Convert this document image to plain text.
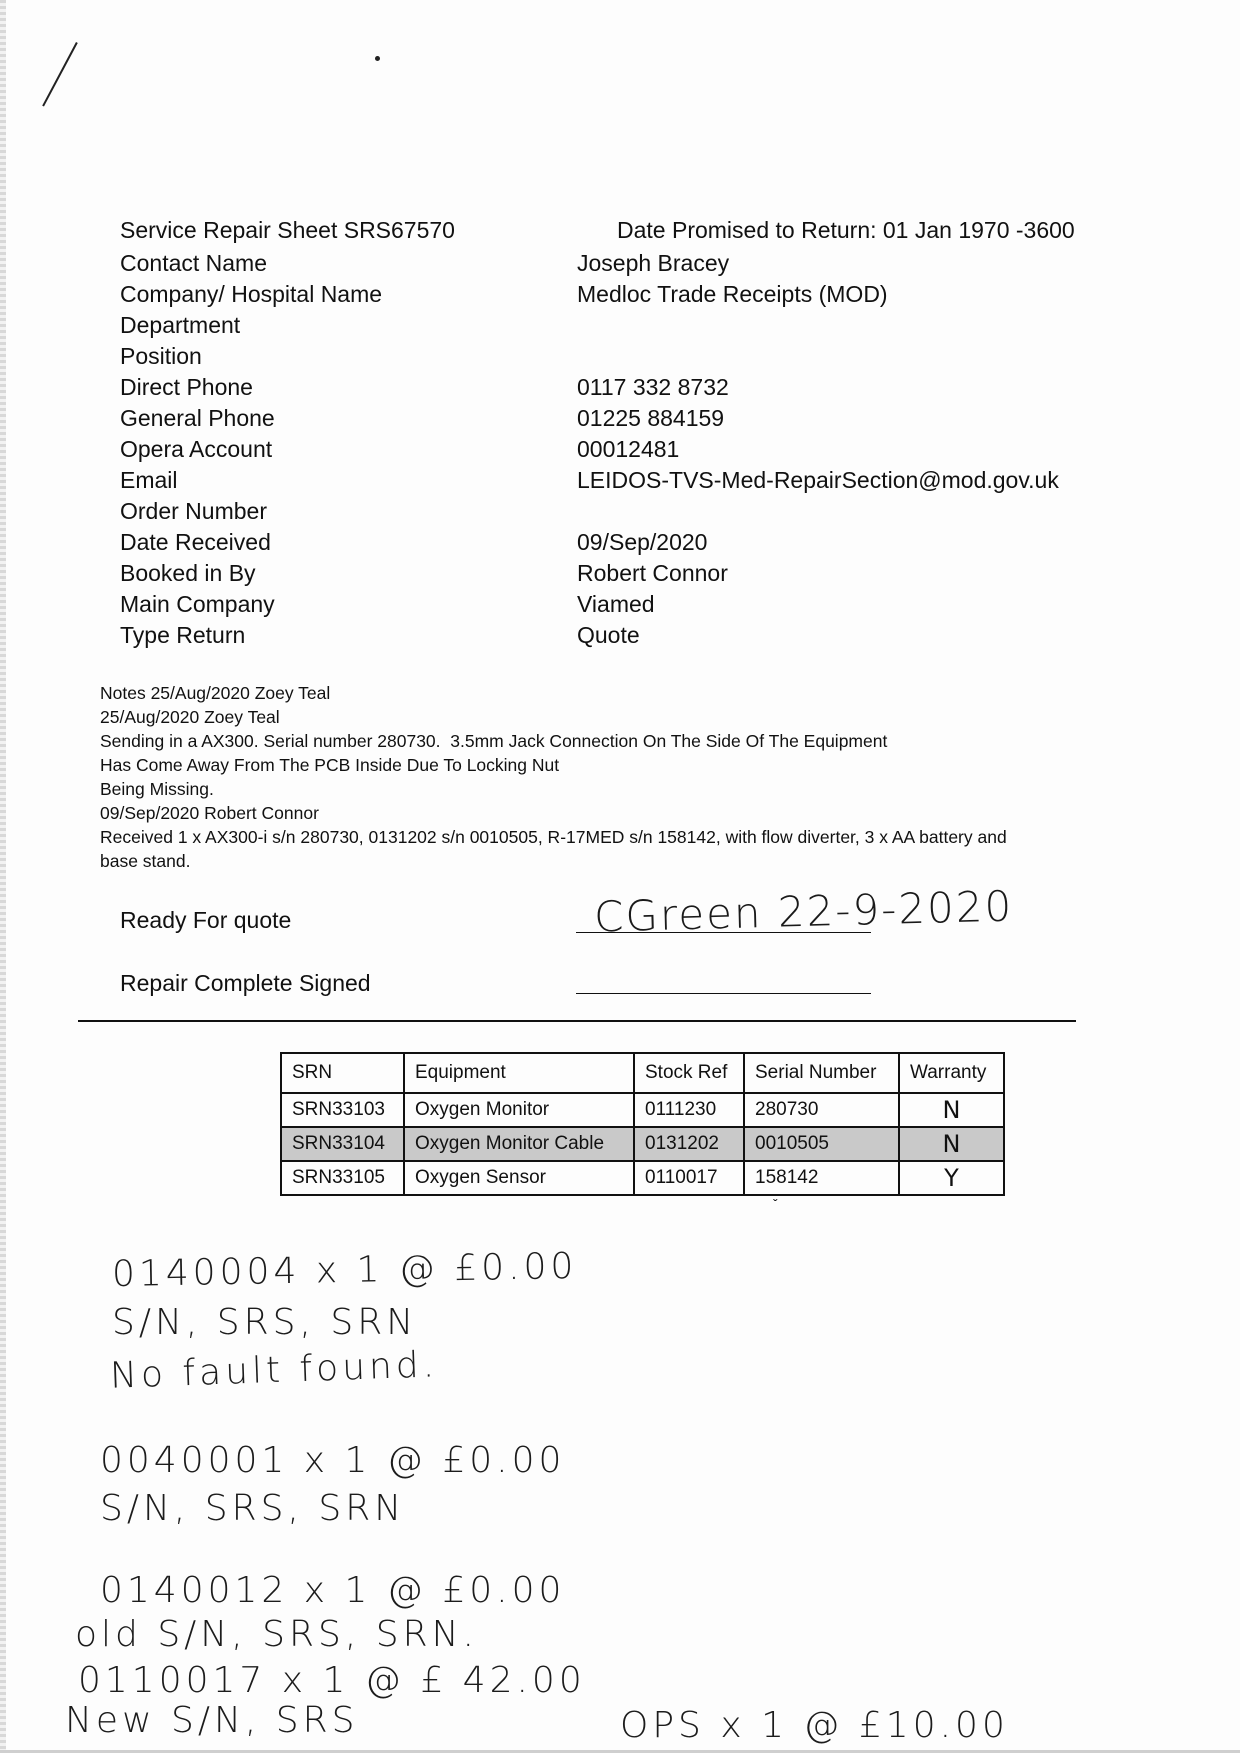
Service Repair Sheet SRS67570	Date Promised to Return: 01 Jan 1970 -3600
Contact Name	Joseph Bracey
Company/ Hospital Name	Medloc Trade Receipts (MOD)
Department
Position
Direct Phone	0117 332 8732
General Phone	01225 884159
Opera Account	00012481
Email	LEIDOS-TVS-Med-RepairSection@mod.gov.uk
Order Number
Date Received	09/Sep/2020
Booked in By	Robert Connor
Main Company	Viamed
Type Return	Quote
Notes 25/Aug/2020 Zoey Teal
25/Aug/2020 Zoey Teal
Sending in a AX300. Serial number 280730.  3.5mm Jack Connection On The Side Of The Equipment
Has Come Away From The PCB Inside Due To Locking Nut
Being Missing.
09/Sep/2020 Robert Connor
Received 1 x AX300-i s/n 280730, 0131202 s/n 0010505, R-17MED s/n 158142, with flow diverter, 3 x AA battery and
base stand.
Ready For quote	CGreen 22-9-2020
Repair Complete Signed
SRN	Equipment	Stock Ref	Serial Number	Warranty
SRN33103	Oxygen Monitor	0111230	280730	N
SRN33104	Oxygen Monitor Cable	0131202	0010505	N
SRN33105	Oxygen Sensor	0110017	158142	Y
ˇ
0140004 x 1 @ £0.00
S/N, SRS, SRN
No fault found.
0040001 x 1 @ £0.00
S/N, SRS, SRN
0140012 x 1 @ £0.00
old S/N, SRS, SRN.
0110017 x 1 @ £ 42.00
New S/N, SRS	OPS x 1 @ £10.00
